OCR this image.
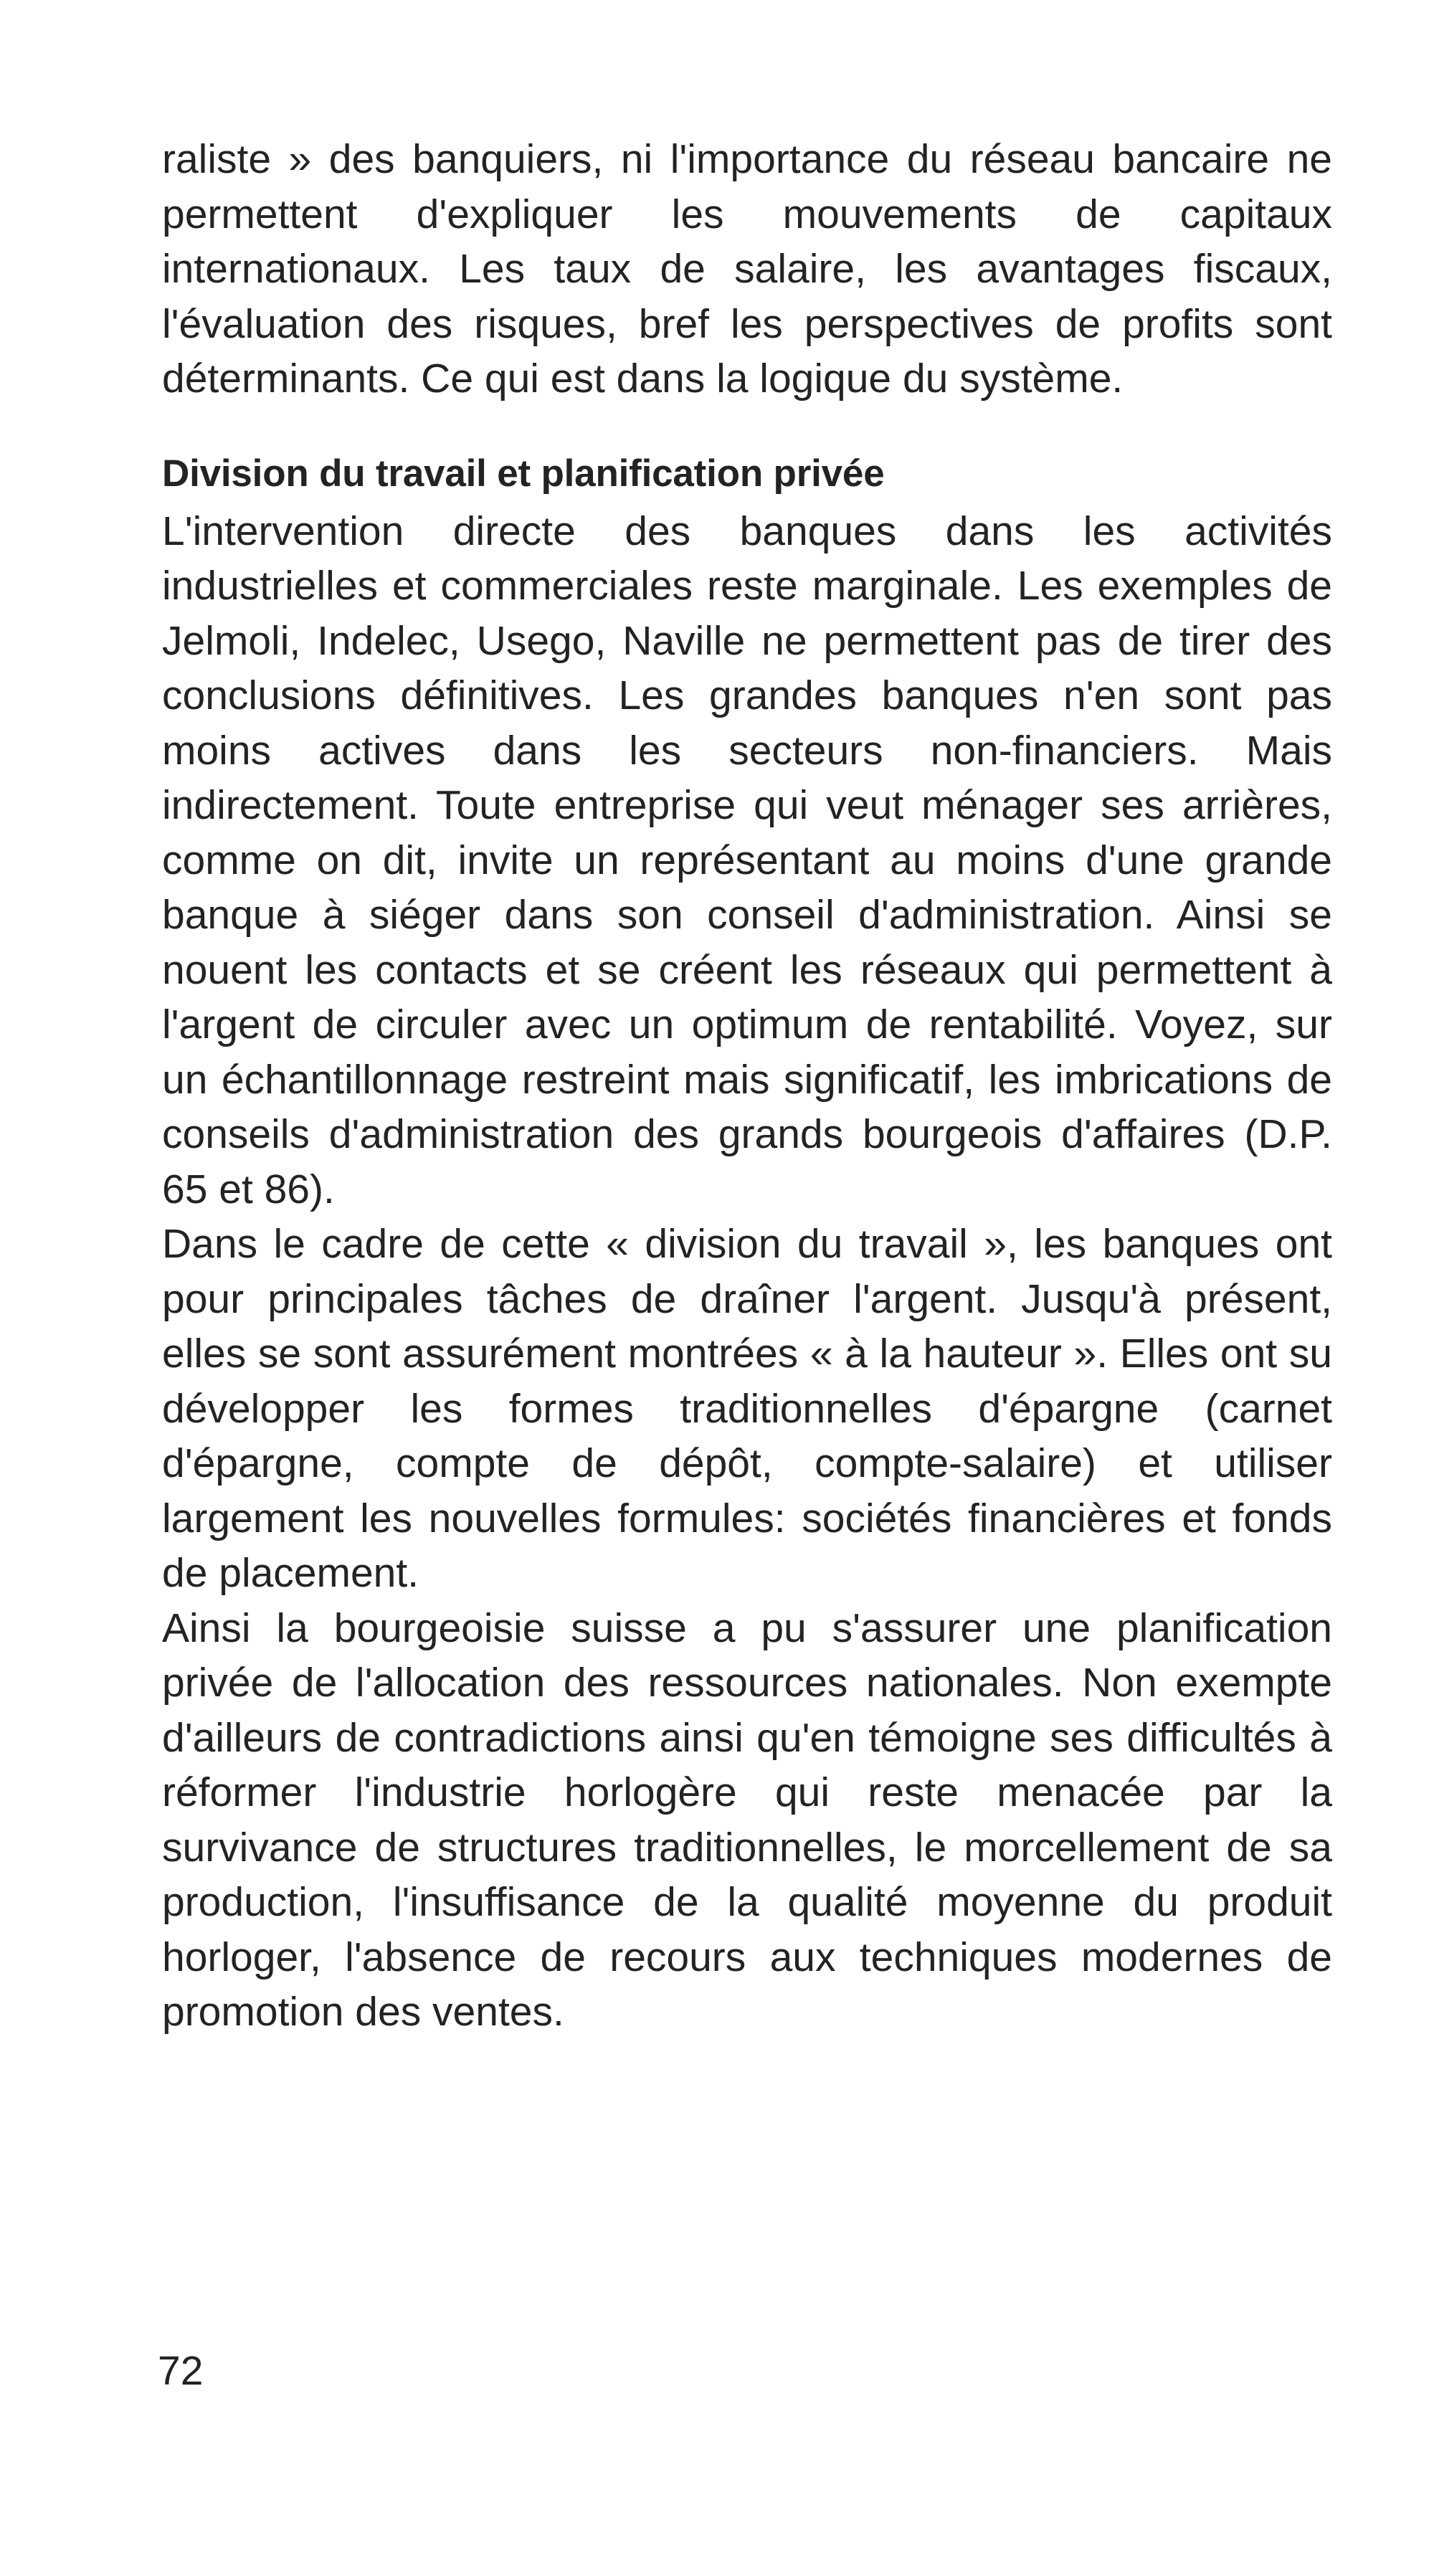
raliste » des banquiers, ni l'importance du réseau bancaire ne permettent d'expliquer les mouvements de capitaux internationaux. Les taux de salaire, les avantages fiscaux, l'évaluation des risques, bref les perspectives de profits sont déterminants. Ce qui est dans la logique du système.

Division du travail et planification privée

L'intervention directe des banques dans les activités industrielles et commerciales reste marginale. Les exemples de Jelmoli, Indelec, Usego, Naville ne permettent pas de tirer des conclusions définitives. Les grandes banques n'en sont pas moins actives dans les secteurs non-financiers. Mais indirectement. Toute entreprise qui veut ménager ses arrières, comme on dit, invite un représentant au moins d'une grande banque à siéger dans son conseil d'administration. Ainsi se nouent les contacts et se créent les réseaux qui permettent à l'argent de circuler avec un optimum de rentabilité. Voyez, sur un échantillonnage restreint mais significatif, les imbrications de conseils d'administration des grands bourgeois d'affaires (D.P. 65 et 86).

Dans le cadre de cette « division du travail », les banques ont pour principales tâches de draîner l'argent. Jusqu'à présent, elles se sont assurément montrées « à la hauteur ». Elles ont su développer les formes traditionnelles d'épargne (carnet d'épargne, compte de dépôt, compte-salaire) et utiliser largement les nouvelles formules: sociétés financières et fonds de placement.

Ainsi la bourgeoisie suisse a pu s'assurer une planification privée de l'allocation des ressources nationales. Non exempte d'ailleurs de contradictions ainsi qu'en témoigne ses difficultés à réformer l'industrie horlogère qui reste menacée par la survivance de structures traditionnelles, le morcellement de sa production, l'insuffisance de la qualité moyenne du produit horloger, l'absence de recours aux techniques modernes de promotion des ventes.

72
